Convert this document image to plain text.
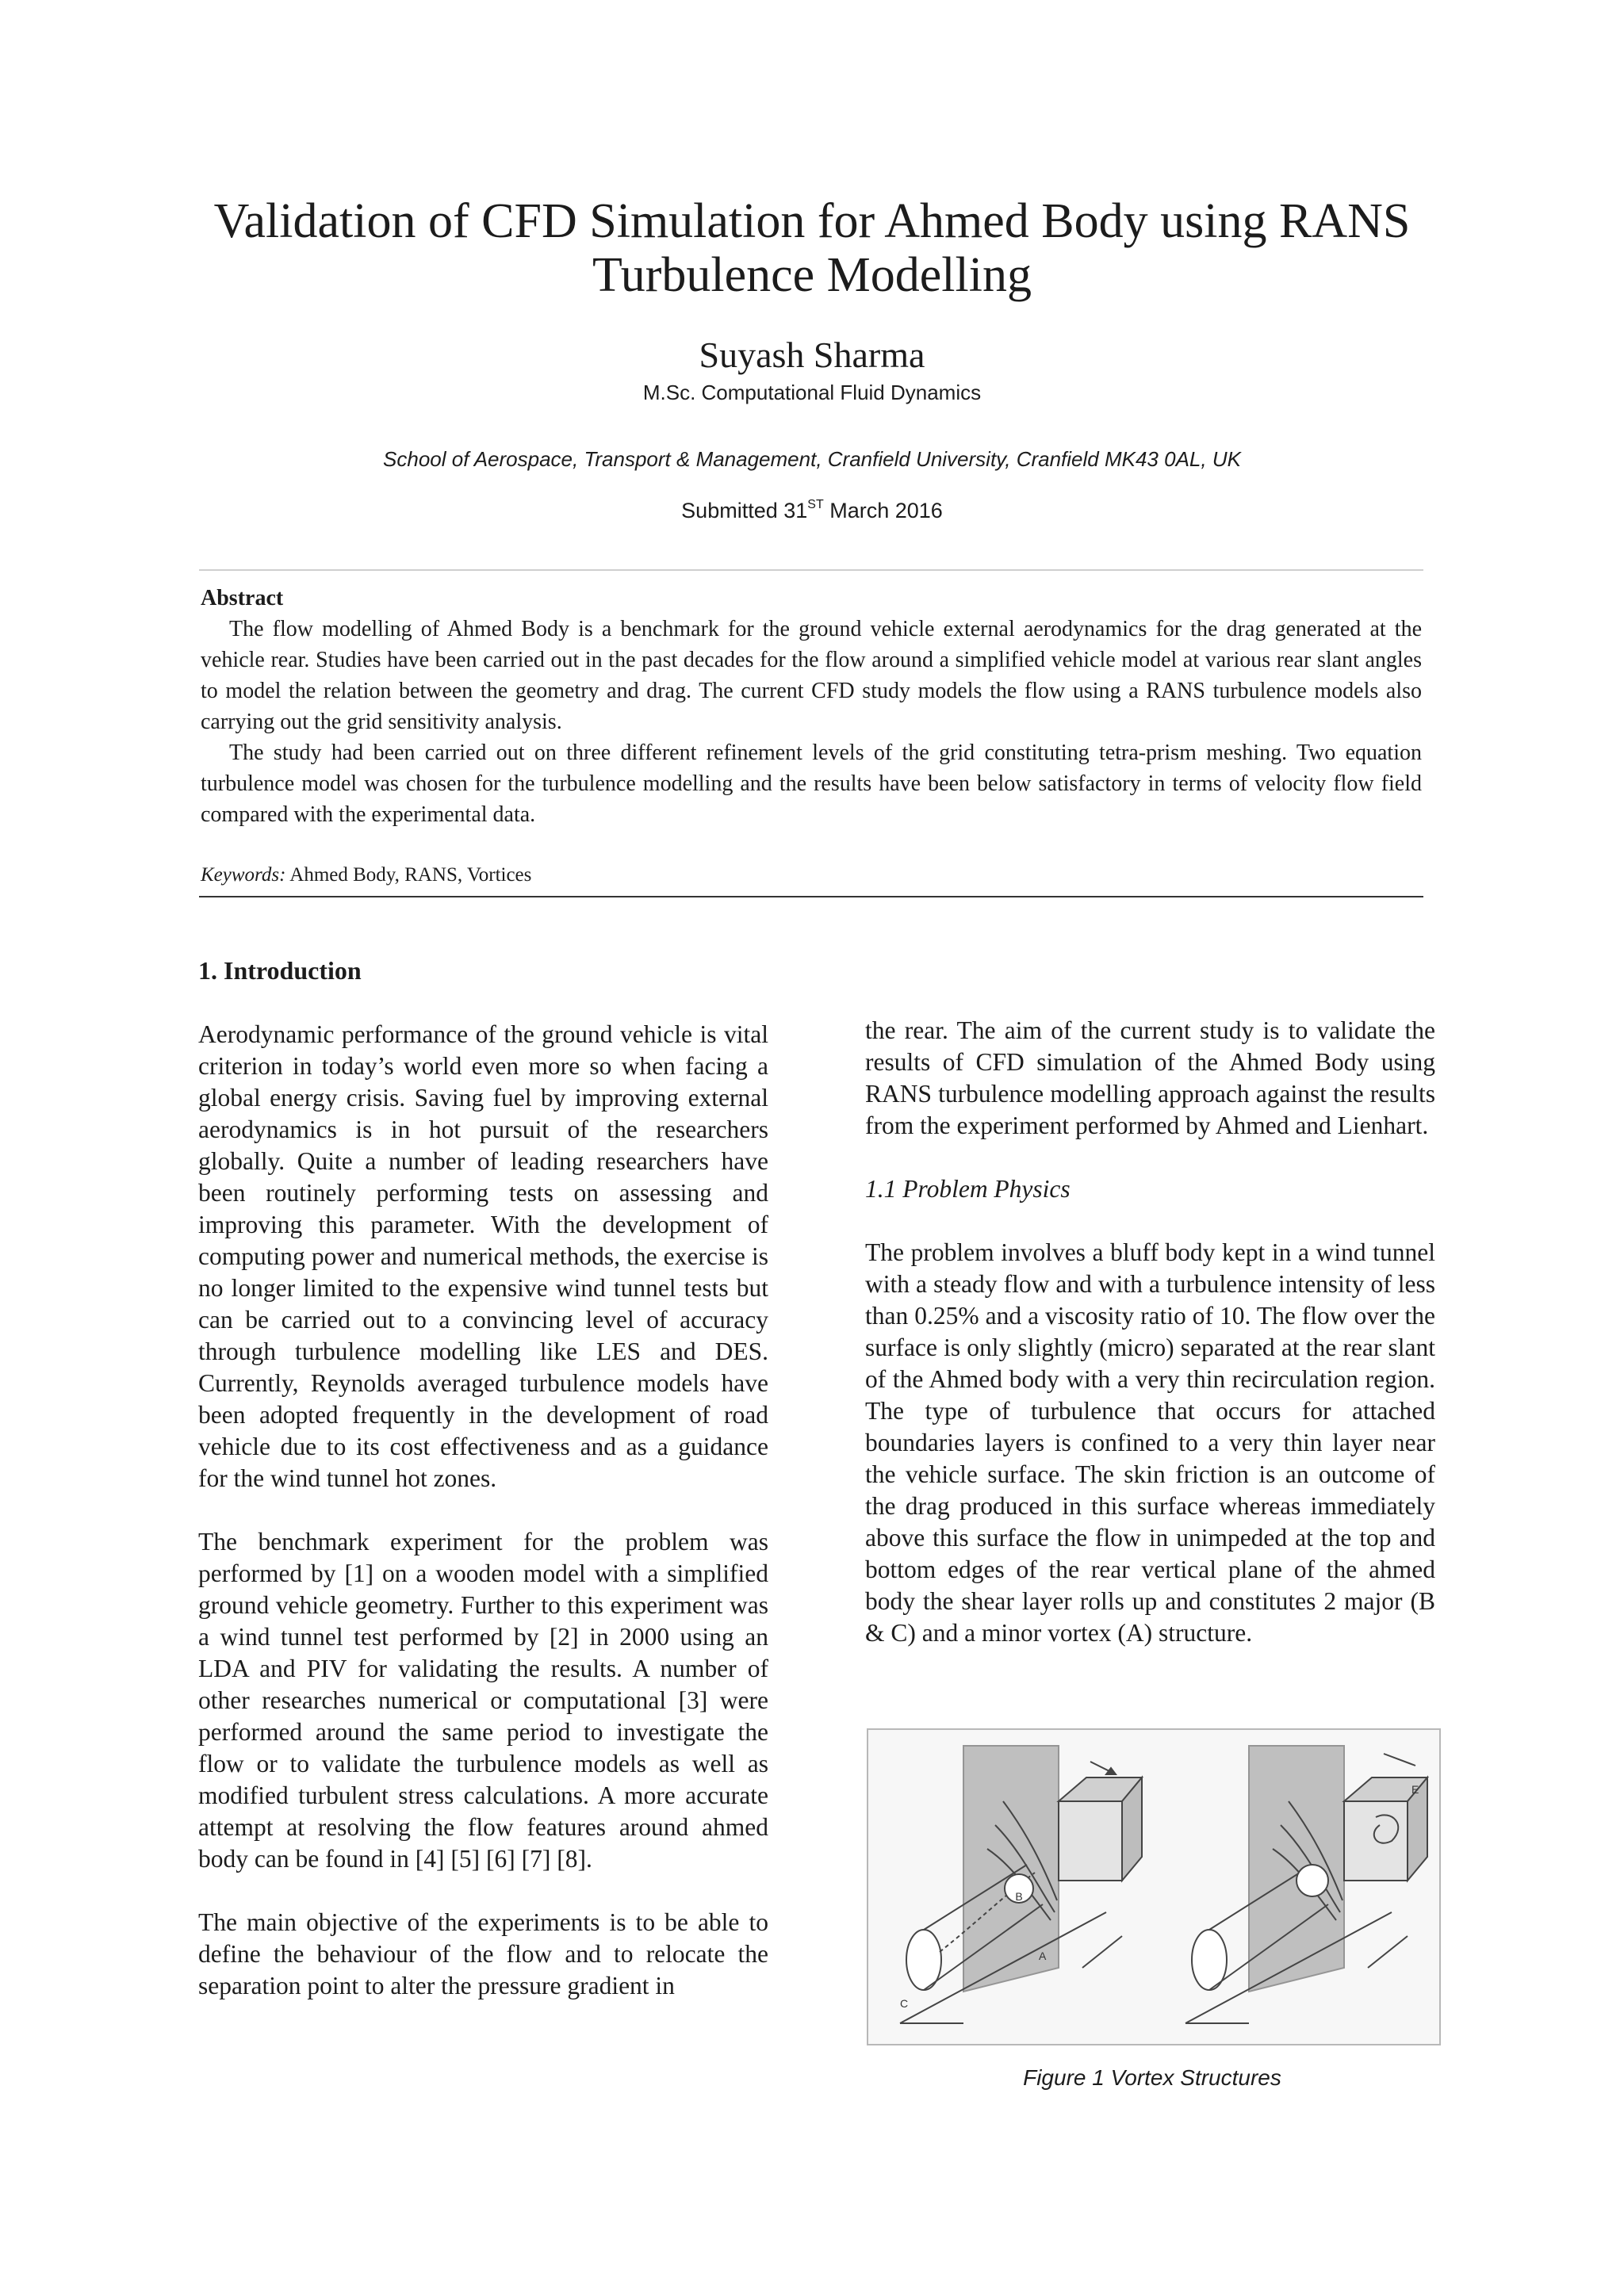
Validation of CFD Simulation for Ahmed Body using RANS
Turbulence Modelling
Suyash Sharma
M.Sc. Computational Fluid Dynamics
School of Aerospace, Transport & Management, Cranfield University, Cranfield MK43 0AL, UK
Submitted 31ST March 2016
Abstract

The flow modelling of Ahmed Body is a benchmark for the ground vehicle external aerodynamics for the drag generated at the vehicle rear. Studies have been carried out in the past decades for the flow around a simplified vehicle model at various rear slant angles to model the relation between the geometry and drag. The current CFD study models the flow using a RANS turbulence models also carrying out the grid sensitivity analysis.

The study had been carried out on three different refinement levels of the grid constituting tetra-prism meshing. Two equation turbulence model was chosen for the turbulence modelling and the results have been below satisfactory in terms of velocity flow field compared with the experimental data.

Keywords: Ahmed Body, RANS, Vortices
1. Introduction

Aerodynamic performance of the ground vehicle is vital criterion in today’s world even more so when facing a global energy crisis. Saving fuel by improving external aerodynamics is in hot pursuit of the researchers globally. Quite a number of leading researchers have been routinely performing tests on assessing and improving this parameter. With the development of computing power and numerical methods, the exercise is no longer limited to the expensive wind tunnel tests but can be carried out to a convincing level of accuracy through turbulence modelling like LES and DES. Currently, Reynolds averaged turbulence models have been adopted frequently in the development of road vehicle due to its cost effectiveness and as a guidance for the wind tunnel hot zones.

The benchmark experiment for the problem was performed by [1] on a wooden model with a simplified ground vehicle geometry. Further to this experiment was a wind tunnel test performed by [2] in 2000 using an LDA and PIV for validating the results. A number of other researches numerical or computational [3] were performed around the same period to investigate the flow or to validate the turbulence models as well as modified turbulent stress calculations. A more accurate attempt at resolving the flow features around ahmed body can be found in [4] [5] [6] [7] [8].

The main objective of the experiments is to be able to define the behaviour of the flow and to relocate the separation point to alter the pressure gradient in

the rear. The aim of the current study is to validate the results of CFD simulation of the Ahmed Body using RANS turbulence modelling approach against the results from the experiment performed by Ahmed and Lienhart.

1.1 Problem Physics

The problem involves a bluff body kept in a wind tunnel with a steady flow and with a turbulence intensity of less than 0.25% and a viscosity ratio of 10. The flow over the surface is only slightly (micro) separated at the rear slant of the Ahmed body with a very thin recirculation region. The type of turbulence that occurs for attached boundaries layers is confined to a very thin layer near the vehicle surface. The skin friction is an outcome of the drag produced in this surface whereas immediately above this surface the flow in unimpeded at the top and bottom edges of the rear vertical plane of the ahmed body the shear layer rolls up and constitutes 2 major (B & C) and a minor vortex (A) structure.

B
A
C
E
Figure 1 Vortex Structures
